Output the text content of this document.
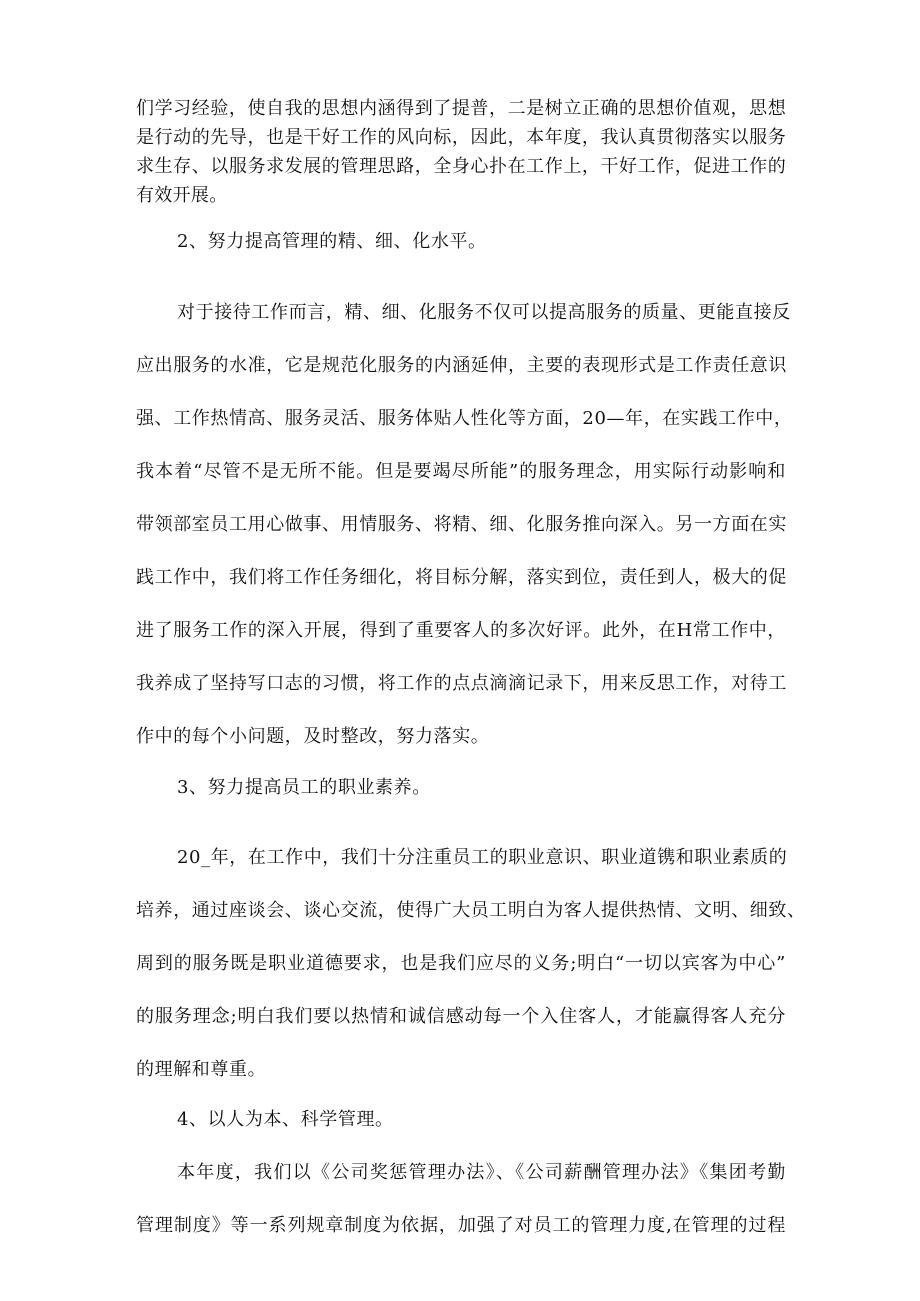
们学习经验，使自我的思想内涵得到了提普，二是树立正确的思想价值观，思想是行动的先导，也是干好工作的风向标，因此，本年度，我认真贯彻落实以服务求生存、以服务求发展的管理思路，全身心扑在工作上，干好工作，促进工作的有效开展。
2、努力提高管理的精、细、化水平。
对于接待工作而言，精、细、化服务不仅可以提高服务的质量、更能直接反
应出服务的水准，它是规范化服务的内涵延伸，主要的表现形式是工作责任意识
强、工作热情高、服务灵活、服务体贴人性化等方面，20—年，在实践工作中，
我本着“尽管不是无所不能。但是要竭尽所能”的服务理念，用实际行动影响和
带领部室员工用心做事、用情服务、将精、细、化服务推向深入。另一方面在实
践工作中，我们将工作任务细化，将目标分解，落实到位，责任到人，极大的促
进了服务工作的深入开展，得到了重要客人的多次好评。此外，在H常工作中，
我养成了坚持写口志的习惯，将工作的点点滴滴记录下，用来反思工作，对待工
作中的每个小问题，及时整改，努力落实。
3、努力提高员工的职业素养。
20_年，在工作中，我们十分注重员工的职业意识、职业道镌和职业素质的
培养，通过座谈会、谈心交流，使得广大员工明白为客人提供热情、文明、细致、
周到的服务既是职业道德要求，也是我们应尽的义务;明白“一切以宾客为中心”
的服务理念;明白我们要以热情和诚信感动每一个入住客人，才能赢得客人充分
的理解和尊重。
4、以人为本、科学管理。
本年度，我们以《公司奖惩管理办法》、《公司薪酬管理办法》《集团考勤
管理制度》等一系列规章制度为依据，加强了对员工的管理力度,在管理的过程
